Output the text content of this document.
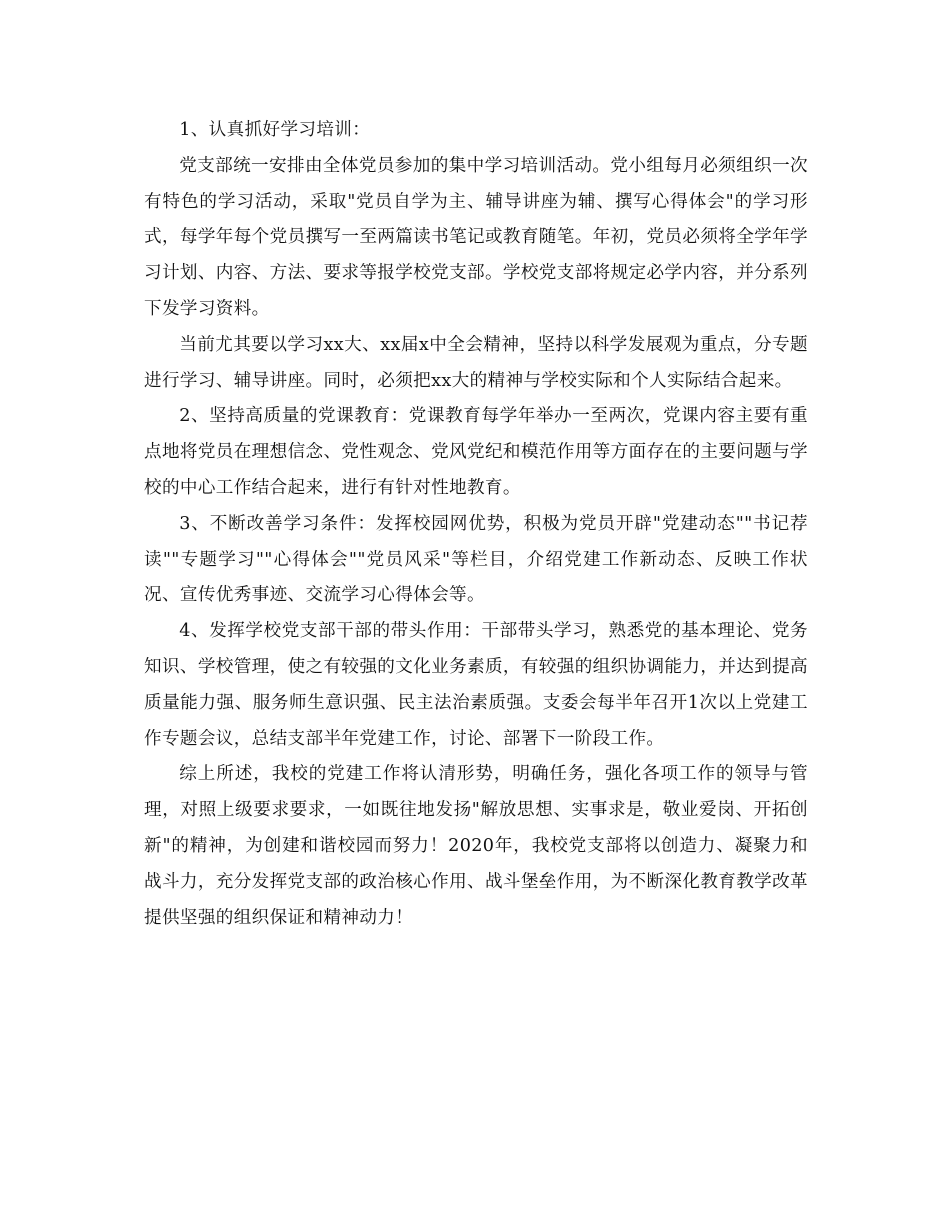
1、认真抓好学习培训：

党支部统一安排由全体党员参加的集中学习培训活动。党小组每月必须组织一次有特色的学习活动，采取"党员自学为主、辅导讲座为辅、撰写心得体会"的学习形式，每学年每个党员撰写一至两篇读书笔记或教育随笔。年初，党员必须将全学年学习计划、内容、方法、要求等报学校党支部。学校党支部将规定必学内容，并分系列下发学习资料。

当前尤其要以学习xx大、xx届x中全会精神，坚持以科学发展观为重点，分专题进行学习、辅导讲座。同时，必须把xx大的精神与学校实际和个人实际结合起来。

2、坚持高质量的党课教育：党课教育每学年举办一至两次，党课内容主要有重点地将党员在理想信念、党性观念、党风党纪和模范作用等方面存在的主要问题与学校的中心工作结合起来，进行有针对性地教育。

3、不断改善学习条件：发挥校园网优势，积极为党员开辟"党建动态""书记荐读""专题学习""心得体会""党员风采"等栏目，介绍党建工作新动态、反映工作状况、宣传优秀事迹、交流学习心得体会等。

4、发挥学校党支部干部的带头作用：干部带头学习，熟悉党的基本理论、党务知识、学校管理，使之有较强的文化业务素质，有较强的组织协调能力，并达到提高质量能力强、服务师生意识强、民主法治素质强。支委会每半年召开1次以上党建工作专题会议，总结支部半年党建工作，讨论、部署下一阶段工作。

综上所述，我校的党建工作将认清形势，明确任务，强化各项工作的领导与管理，对照上级要求要求，一如既往地发扬"解放思想、实事求是，敬业爱岗、开拓创新"的精神，为创建和谐校园而努力！2020年，我校党支部将以创造力、凝聚力和战斗力，充分发挥党支部的政治核心作用、战斗堡垒作用，为不断深化教育教学改革提供坚强的组织保证和精神动力！
